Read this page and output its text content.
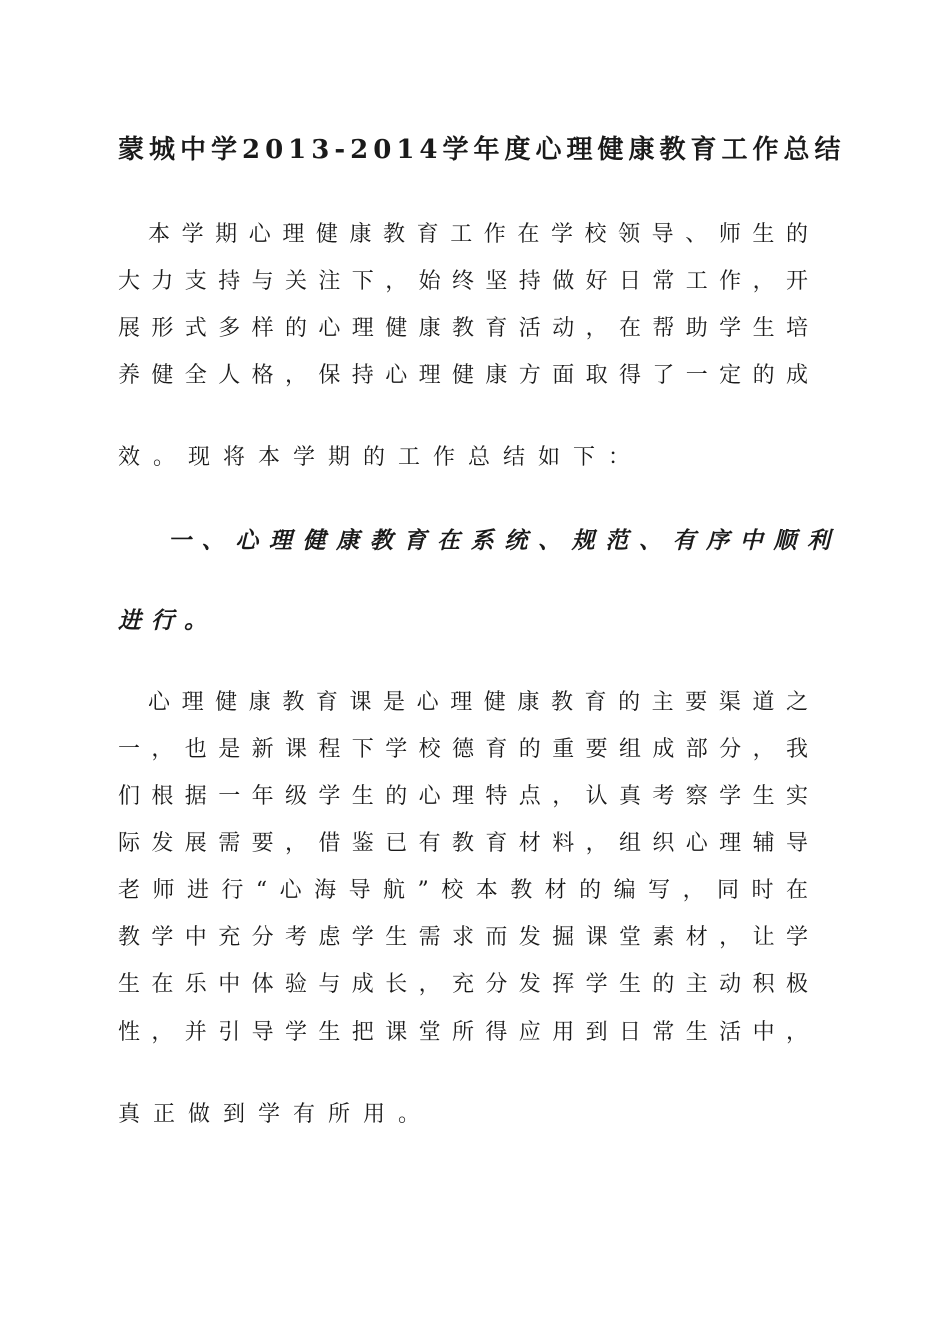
蒙城中学2013-2014学年度心理健康教育工作总结
本学期心理健康教育工作在学校领导、师生的
大力支持与关注下，始终坚持做好日常工作，开
展形式多样的心理健康教育活动，在帮助学生培
养健全人格，保持心理健康方面取得了一定的成
效。现将本学期的工作总结如下：
一、心理健康教育在系统、规范、有序中顺利
进行。
心理健康教育课是心理健康教育的主要渠道之
一，也是新课程下学校德育的重要组成部分，我
们根据一年级学生的心理特点，认真考察学生实
际发展需要，借鉴已有教育材料，组织心理辅导
老师进行“心海导航”校本教材的编写，同时在
教学中充分考虑学生需求而发掘课堂素材，让学
生在乐中体验与成长，充分发挥学生的主动积极
性，并引导学生把课堂所得应用到日常生活中，
真正做到学有所用。
